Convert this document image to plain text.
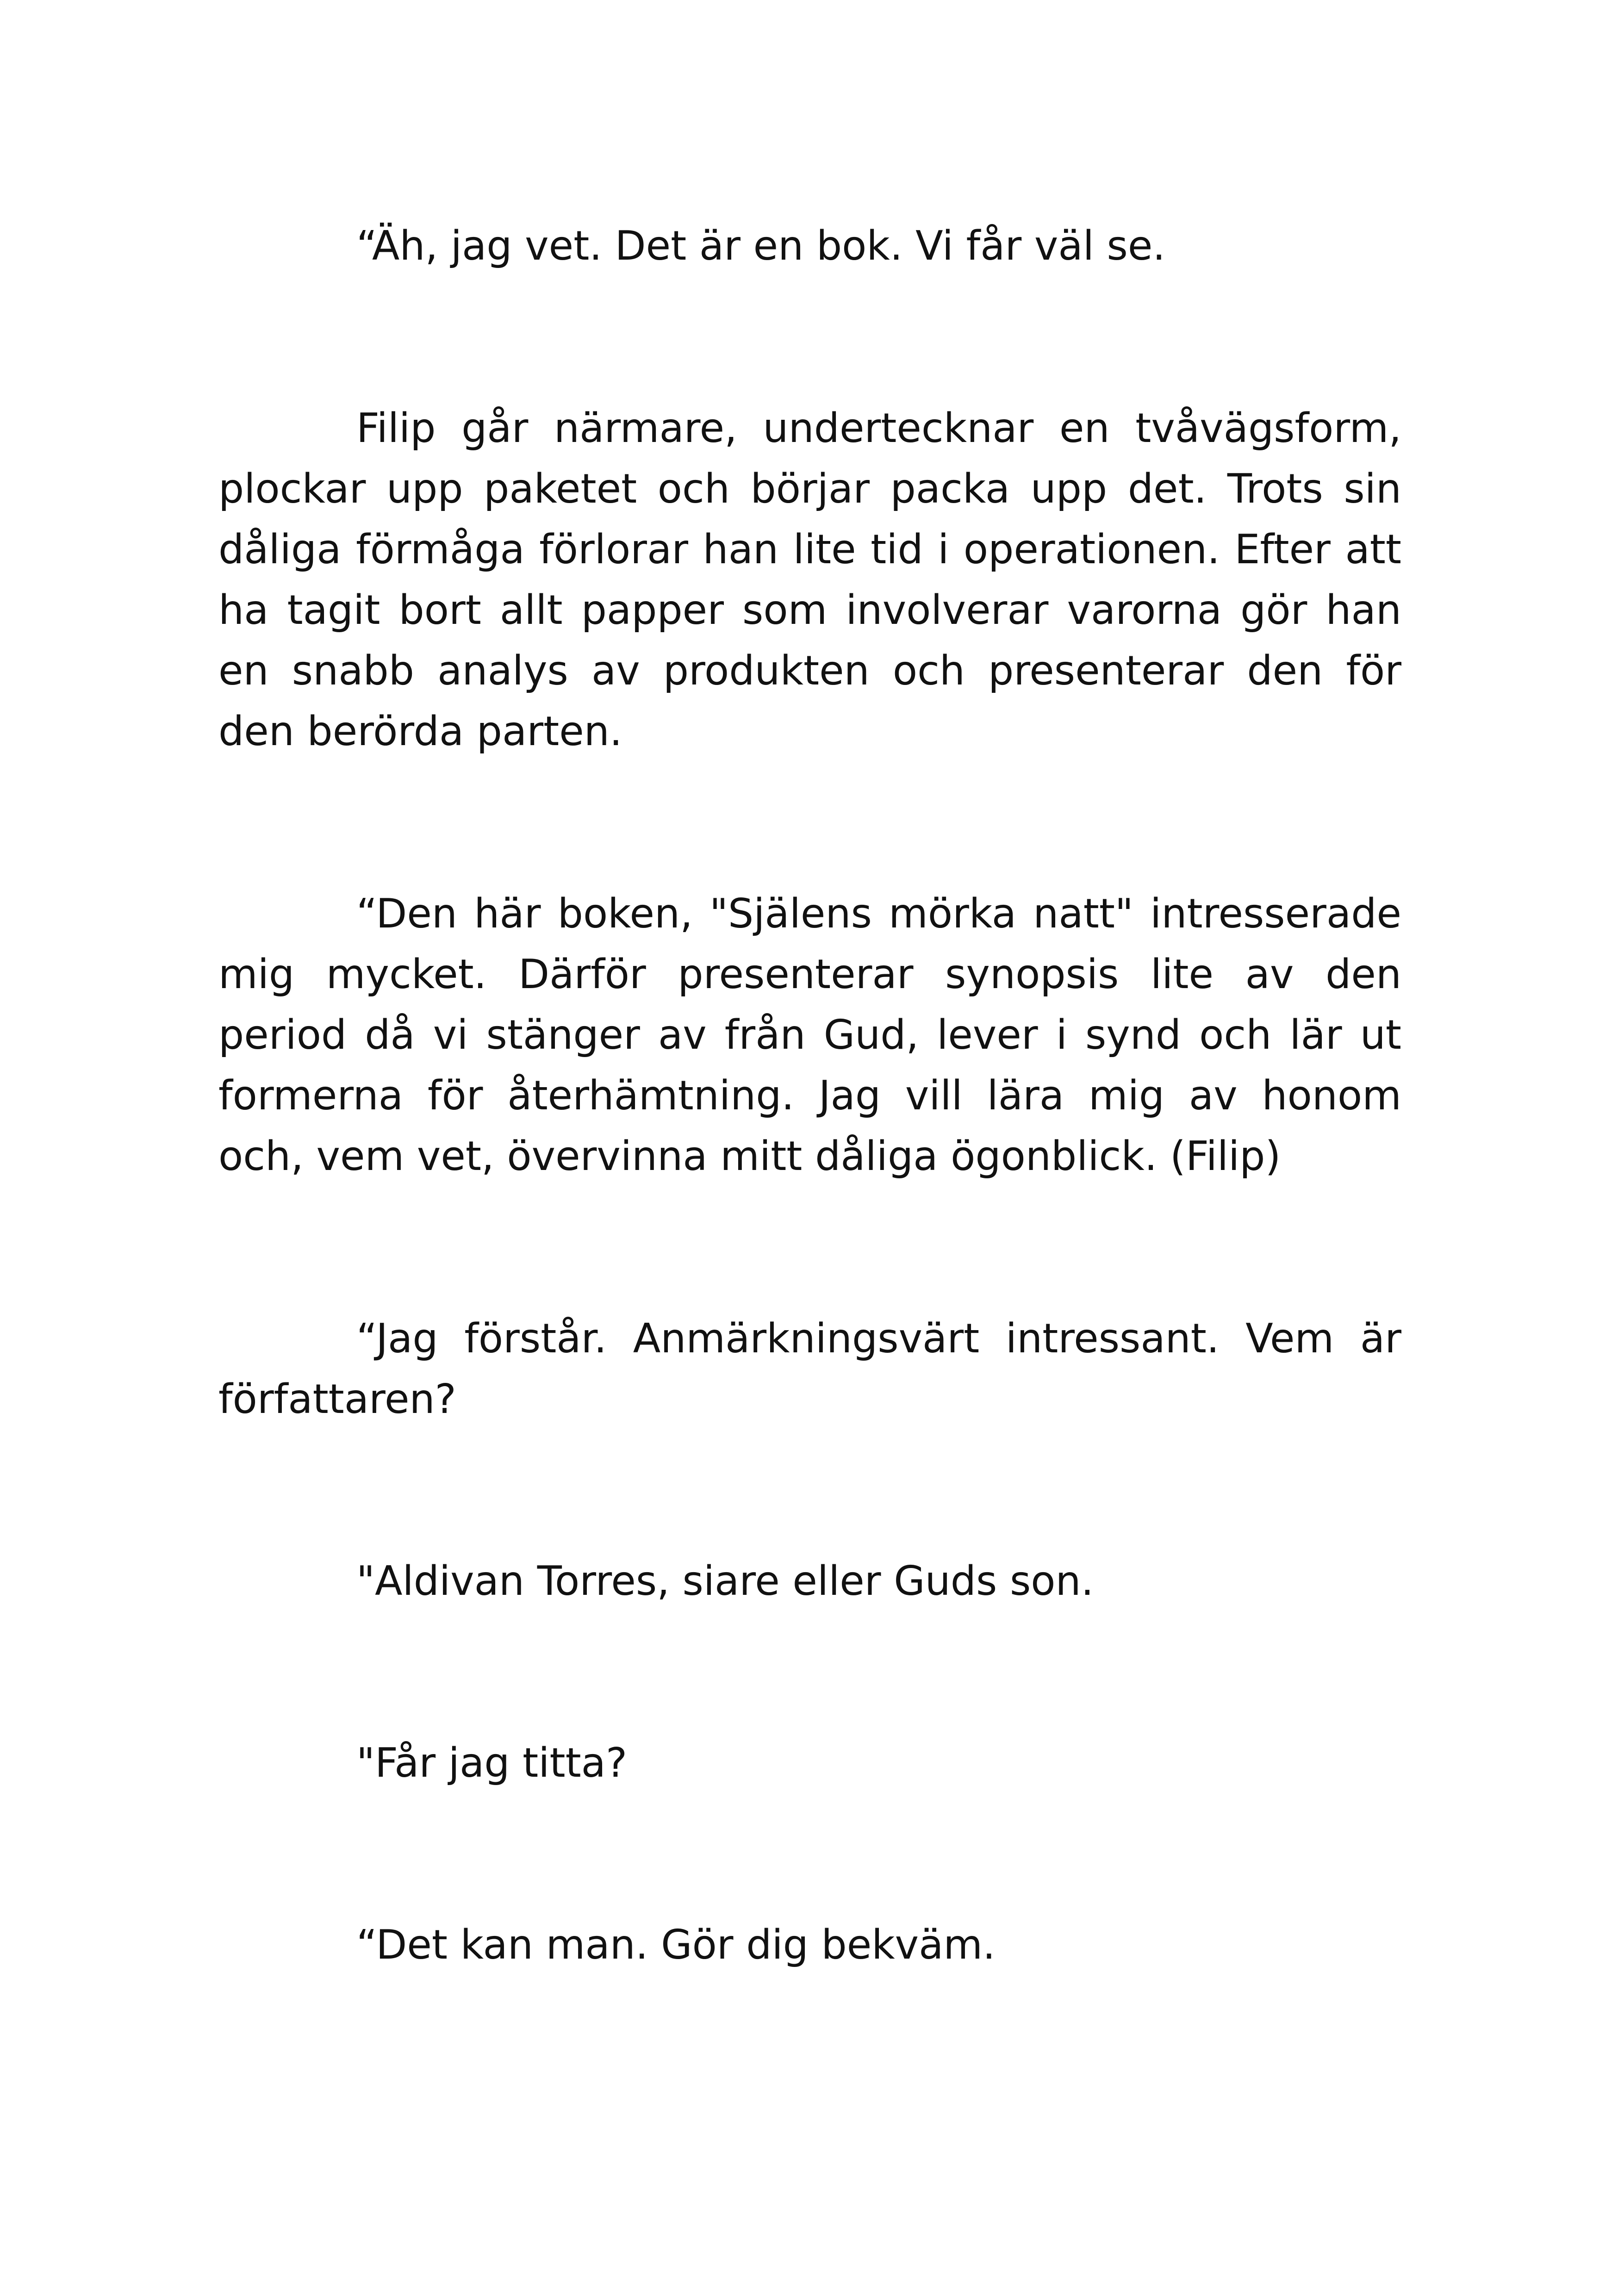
“Äh, jag vet. Det är en bok. Vi får väl se.

Filip går närmare, undertecknar en tvåvägsform, plockar upp paketet och börjar packa upp det. Trots sin dåliga förmåga förlorar han lite tid i operationen. Efter att ha tagit bort allt papper som involverar varorna gör han en snabb analys av produkten och presenterar den för den berörda parten.

“Den här boken, "Själens mörka natt" intresserade mig mycket. Därför presenterar synopsis lite av den period då vi stänger av från Gud, lever i synd och lär ut formerna för återhämtning. Jag vill lära mig av honom och, vem vet, övervinna mitt dåliga ögonblick. (Filip)

“Jag förstår. Anmärkningsvärt intressant. Vem är författaren?

"Aldivan Torres, siare eller Guds son.

"Får jag titta?

“Det kan man. Gör dig bekväm.
